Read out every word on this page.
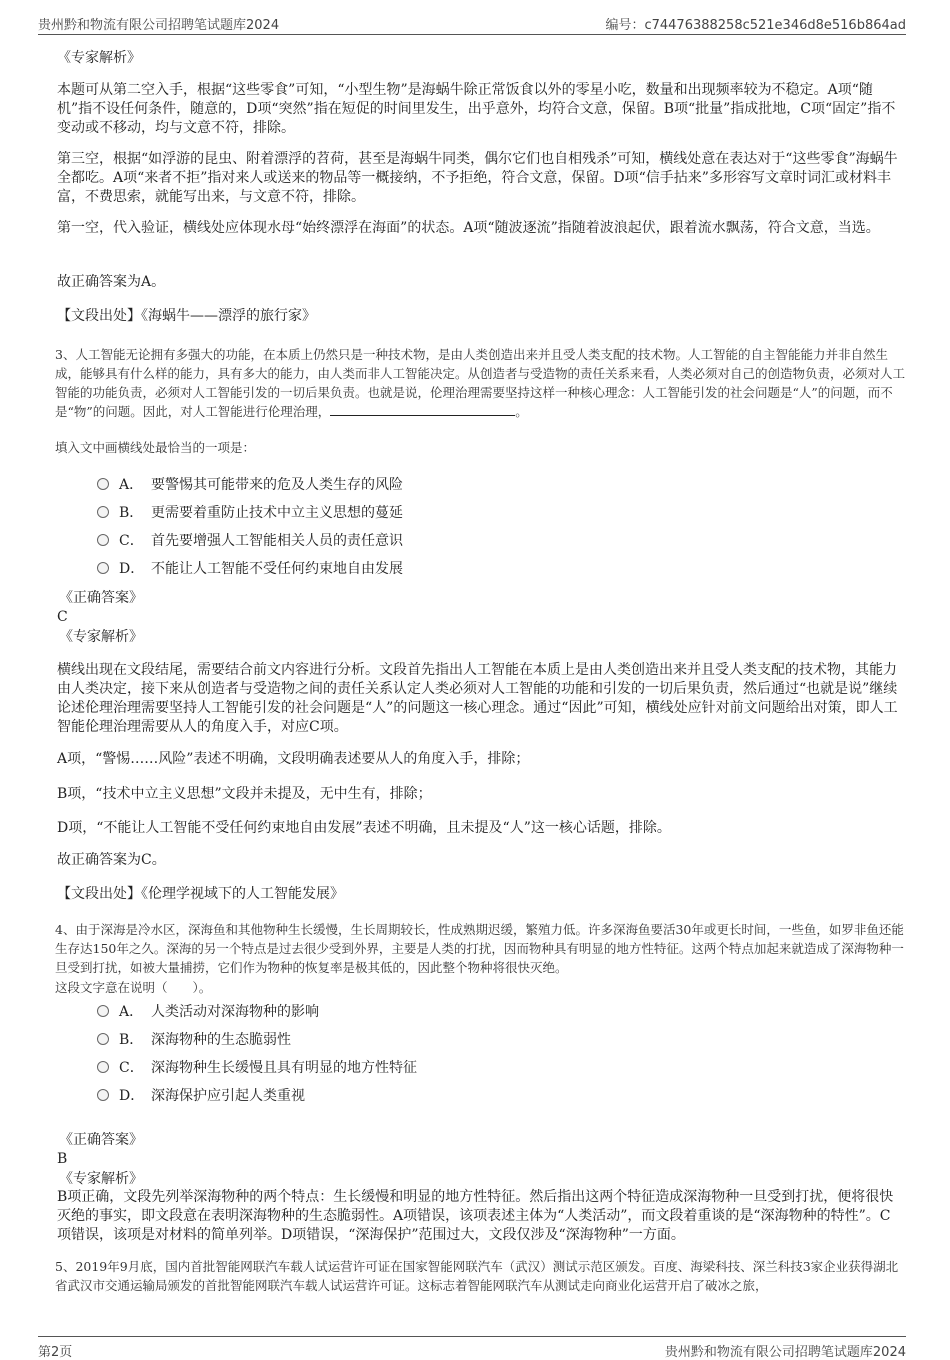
贵州黔和物流有限公司招聘笔试题库2024	编号：c74476388258c521e346d8e516b864ad
《专家解析》

本题可从第二空入手，根据“这些零食”可知，“小型生物”是海蜗牛除正常饭食以外的零星小吃，数量和出现频率较为不稳定。A项“随机”指不设任何条件，随意的，D项“突然”指在短促的时间里发生，出乎意外，均符合文意，保留。B项“批量”指成批地，C项“固定”指不变动或不移动，均与文意不符，排除。

第三空，根据“如浮游的昆虫、附着漂浮的苕荷，甚至是海蜗牛同类，偶尔它们也自相残杀”可知，横线处意在表达对于“这些零食”海蜗牛全都吃。A项“来者不拒”指对来人或送来的物品等一概接纳，不予拒绝，符合文意，保留。D项“信手拈来”多形容写文章时词汇或材料丰富，不费思索，就能写出来，与文意不符，排除。

第一空，代入验证，横线处应体现水母“始终漂浮在海面”的状态。A项“随波逐流”指随着波浪起伏，跟着流水飘荡，符合文意，当选。

故正确答案为A。
【文段出处】《海蜗牛——漂浮的旅行家》

3、人工智能无论拥有多强大的功能，在本质上仍然只是一种技术物，是由人类创造出来并且受人类支配的技术物。人工智能的自主智能能力并非自然生成，能够具有什么样的能力，具有多大的能力，由人类而非人工智能决定。从创造者与受造物的责任关系来看，人类必须对自己的创造物负责，必须对人工智能的功能负责，必须对人工智能引发的一切后果负责。也就是说，伦理治理需要坚持这样一种核心理念：人工智能引发的社会问题是“人”的问题，而不是“物”的问题。因此，对人工智能进行伦理治理，	。

填入文中画横线处最恰当的一项是：

A． 要警惕其可能带来的危及人类生存的风险
B． 更需要着重防止技术中立主义思想的蔓延
C． 首先要增强人工智能相关人员的责任意识
D． 不能让人工智能不受任何约束地自由发展
《正确答案》
C
《专家解析》

横线出现在文段结尾，需要结合前文内容进行分析。文段首先指出人工智能在本质上是由人类创造出来并且受人类支配的技术物，其能力由人类决定，接下来从创造者与受造物之间的责任关系认定人类必须对人工智能的功能和引发的一切后果负责，然后通过“也就是说”继续论述伦理治理需要坚持人工智能引发的社会问题是“人”的问题这一核心理念。通过“因此”可知，横线处应针对前文问题给出对策，即人工智能伦理治理需要从人的角度入手，对应C项。

A项，“警惕……风险”表述不明确，文段明确表述要从人的角度入手，排除；

B项，“技术中立主义思想”文段并未提及，无中生有，排除；

D项，“不能让人工智能不受任何约束地自由发展”表述不明确，且未提及“人”这一核心话题，排除。

故正确答案为C。
【文段出处】《伦理学视域下的人工智能发展》

4、由于深海是冷水区，深海鱼和其他物种生长缓慢，生长周期较长，性成熟期迟缓，繁殖力低。许多深海鱼要活30年或更长时间，一些鱼，如罗非鱼还能生存达150年之久。深海的另一个特点是过去很少受到外界，主要是人类的打扰，因而物种具有明显的地方性特征。这两个特点加起来就造成了深海物种一旦受到打扰，如被大量捕捞，它们作为物种的恢复率是极其低的，因此整个物种将很快灭绝。

这段文字意在说明（　　）。

A． 人类活动对深海物种的影响
B． 深海物种的生态脆弱性
C． 深海物种生长缓慢且具有明显的地方性特征
D． 深海保护应引起人类重视
《正确答案》
B
《专家解析》

B项正确，文段先列举深海物种的两个特点：生长缓慢和明显的地方性特征。然后指出这两个特征造成深海物种一旦受到打扰，便将很快灭绝的事实，即文段意在表明深海物种的生态脆弱性。A项错误，该项表述主体为“人类活动”，而文段着重谈的是“深海物种的特性”。C项错误，该项是对材料的简单列举。D项错误，“深海保护”范围过大，文段仅涉及“深海物种”一方面。

5、2019年9月底，国内首批智能网联汽车载人试运营许可证在国家智能网联汽车（武汉）测试示范区颁发。百度、海梁科技、深兰科技3家企业获得湖北省武汉市交通运输局颁发的首批智能网联汽车载人试运营许可证。这标志着智能网联汽车从测试走向商业化运营开启了破冰之旅，

第2页	贵州黔和物流有限公司招聘笔试题库2024
